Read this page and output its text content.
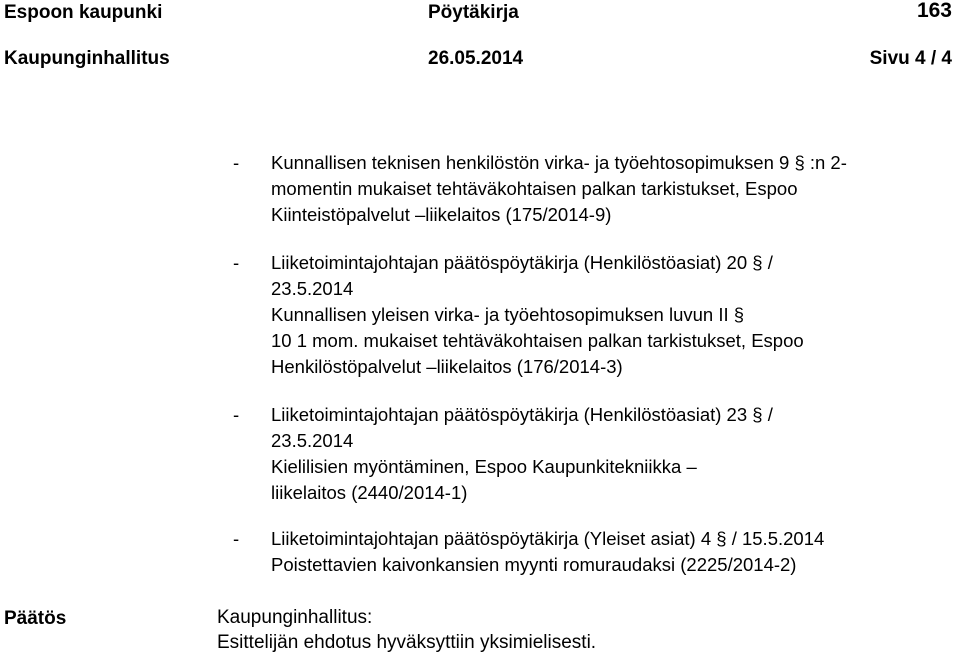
Espoon kaupunki	Pöytäkirja	163
Kaupunginhallitus	26.05.2014	Sivu 4 / 4
- Kunnallisen teknisen henkilöstön virka- ja työehtosopimuksen 9 § :n 2-
momentin mukaiset tehtäväkohtaisen palkan tarkistukset, Espoo
Kiinteistöpalvelut –liikelaitos (175/2014-9)
- Liiketoimintajohtajan päätöspöytäkirja (Henkilöstöasiat) 20 § /
23.5.2014
Kunnallisen yleisen virka- ja työehtosopimuksen luvun II §
10 1 mom. mukaiset tehtäväkohtaisen palkan tarkistukset, Espoo
Henkilöstöpalvelut –liikelaitos (176/2014-3)
- Liiketoimintajohtajan päätöspöytäkirja (Henkilöstöasiat) 23 § /
23.5.2014
Kielilisien myöntäminen, Espoo Kaupunkitekniikka –
liikelaitos (2440/2014-1)
- Liiketoimintajohtajan päätöspöytäkirja (Yleiset asiat) 4 § / 15.5.2014
Poistettavien kaivonkansien myynti romuraudaksi (2225/2014-2)
Päätös	Kaupunginhallitus:
Esittelijän ehdotus hyväksyttiin yksimielisesti.
